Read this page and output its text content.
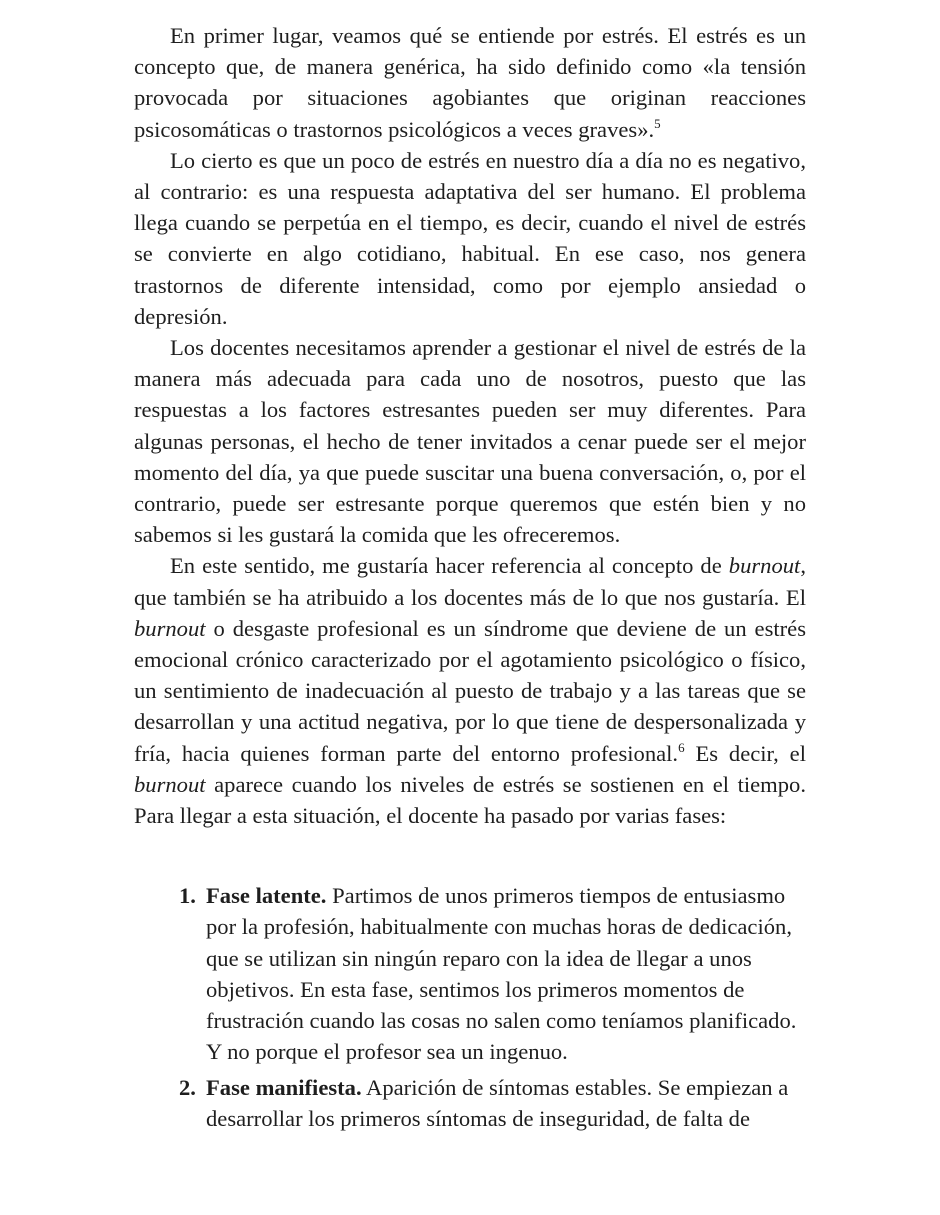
En primer lugar, veamos qué se entiende por estrés. El estrés es un concepto que, de manera genérica, ha sido definido como «la tensión provocada por situaciones agobiantes que originan reacciones psicosomáticas o trastornos psicológicos a veces graves».$^5$

Lo cierto es que un poco de estrés en nuestro día a día no es negativo, al contrario: es una respuesta adaptativa del ser humano. El problema llega cuando se perpetúa en el tiempo, es decir, cuando el nivel de estrés se convierte en algo cotidiano, habitual. En ese caso, nos genera trastornos de diferente intensidad, como por ejemplo ansiedad o depresión.

Los docentes necesitamos aprender a gestionar el nivel de estrés de la manera más adecuada para cada uno de nosotros, puesto que las respuestas a los factores estresantes pueden ser muy diferentes. Para algunas personas, el hecho de tener invitados a cenar puede ser el mejor momento del día, ya que puede suscitar una buena conversación, o, por el contrario, puede ser estresante porque queremos que estén bien y no sabemos si les gustará la comida que les ofreceremos.

En este sentido, me gustaría hacer referencia al concepto de burnout, que también se ha atribuido a los docentes más de lo que nos gustaría. El burnout o desgaste profesional es un síndrome que deviene de un estrés emocional crónico caracterizado por el agotamiento psicológico o físico, un sentimiento de inadecuación al puesto de trabajo y a las tareas que se desarrollan y una actitud negativa, por lo que tiene de despersonalizada y fría, hacia quienes forman parte del entorno profesional.$^6$ Es decir, el burnout aparece cuando los niveles de estrés se sostienen en el tiempo. Para llegar a esta situación, el docente ha pasado por varias fases:

1. Fase latente. Partimos de unos primeros tiempos de entusiasmo por la profesión, habitualmente con muchas horas de dedicación, que se utilizan sin ningún reparo con la idea de llegar a unos objetivos. En esta fase, sentimos los primeros momentos de frustración cuando las cosas no salen como teníamos planificado. Y no porque el profesor sea un ingenuo.
2. Fase manifiesta. Aparición de síntomas estables. Se empiezan a desarrollar los primeros síntomas de inseguridad, de falta de
